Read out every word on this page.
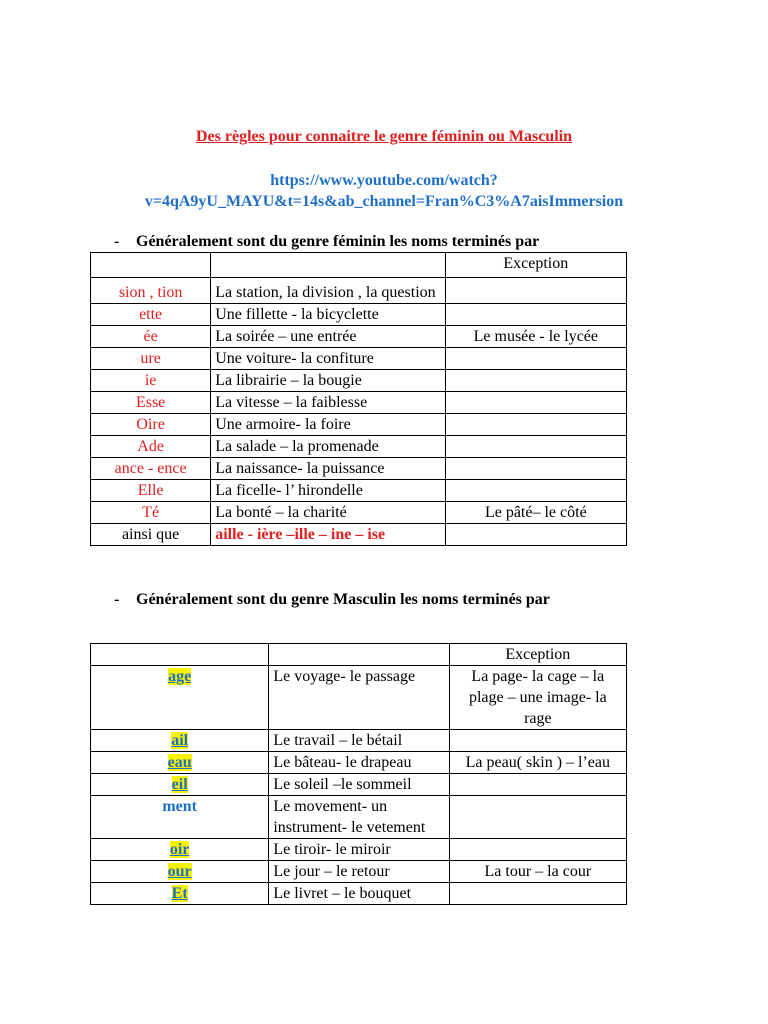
Des règles pour connaitre le genre féminin ou Masculin
https://www.youtube.com/watch?
v=4qA9yU_MAYU&t=14s&ab_channel=Fran%C3%A7aisImmersion
- Généralement sont du genre féminin les noms terminés par
		Exception
sion , tion	La station, la division , la question	
ette	Une fillette - la bicyclette	
ée	La soirée – une entrée	Le musée - le lycée
ure	Une voiture- la confiture	
ie	La librairie – la bougie	
Esse	La vitesse – la faiblesse	
Oire	Une armoire- la foire	
Ade	La salade – la promenade	
ance - ence	La naissance- la puissance	
Elle	La ficelle- l’ hirondelle	
Té	La bonté – la charité	Le pâté– le côté
ainsi que	aille - ière –ille – ine – ise	
- Généralement sont du genre Masculin les noms terminés par
		Exception
age	Le voyage- le passage	La page- la cage – la plage – une image- la rage
ail	Le travail – le bétail	
eau	Le bâteau- le drapeau	La peau( skin ) – l’eau
eil	Le soleil –le sommeil	
ment	Le movement- un instrument- le vetement	
oir	Le tiroir- le miroir	
our	Le jour – le retour	La tour – la cour
Et	Le livret – le bouquet	
